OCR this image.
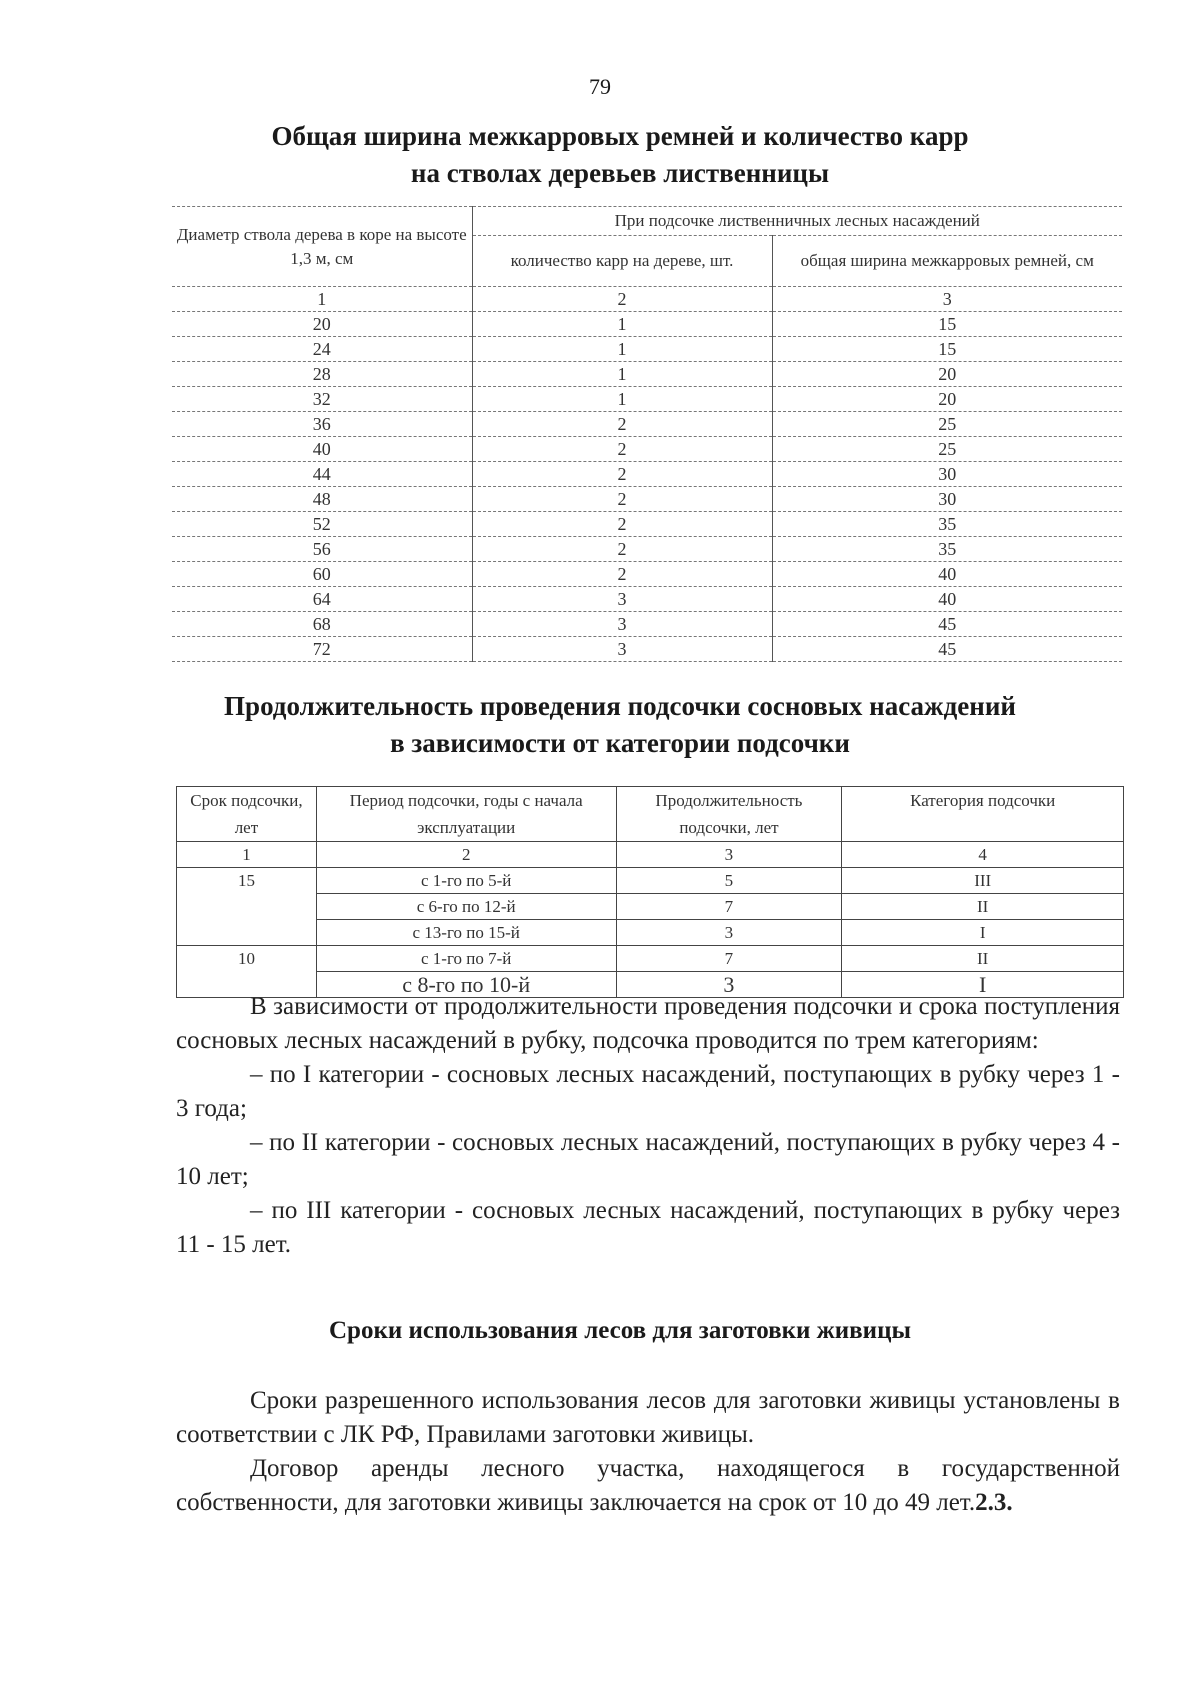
79
Общая ширина межкарровых ремней и количество карр
на стволах деревьев лиственницы
Диаметр ствола дерева в коре на высоте 1,3 м, см	При подсочке лиственничных лесных насаждений	
	количество карр на дереве, шт.	общая ширина межкарровых ремней, см
1	2	3
20	1	15
24	1	15
28	1	20
32	1	20
36	2	25
40	2	25
44	2	30
48	2	30
52	2	35
56	2	35
60	2	40
64	3	40
68	3	45
72	3	45
Продолжительность проведения подсочки сосновых насаждений
в зависимости от категории подсочки
Срок подсочки, лет	Период подсочки, годы с начала эксплуатации	Продолжительность подсочки, лет	Категория подсочки
1	2	3	4
15	с 1-го по 5-й	5	III
	с 6-го по 12-й	7	II
	с 13-го по 15-й	3	I
10	с 1-го по 7-й	7	II
	с 8-го по 10-й	3	I

В зависимости от продолжительности проведения подсочки и срока поступления сосновых лесных насаждений в рубку, подсочка проводится по трем категориям:

– по I категории - сосновых лесных насаждений, поступающих в рубку через 1 - 3 года;

– по II категории - сосновых лесных насаждений, поступающих в рубку через 4 - 10 лет;

– по III категории - сосновых лесных насаждений, поступающих в рубку через 11 - 15 лет.

Сроки использования лесов для заготовки живицы

Сроки разрешенного использования лесов для заготовки живицы установлены в соответствии с ЛК РФ, Правилами заготовки живицы.

Договор аренды лесного участка, находящегося в государственной собственности, для заготовки живицы заключается на срок от 10 до 49 лет.2.3.
